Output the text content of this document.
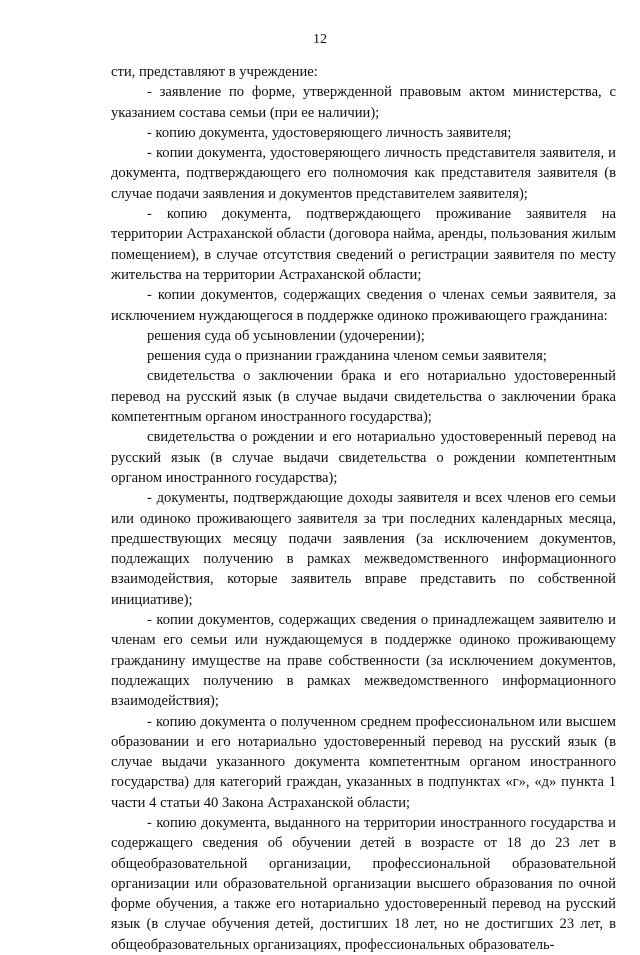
12

сти, представляют в учреждение:

- заявление по форме, утвержденной правовым актом министерства, с указанием состава семьи (при ее наличии);

- копию документа, удостоверяющего личность заявителя;

- копии документа, удостоверяющего личность представителя заявителя, и документа, подтверждающего его полномочия как представителя заявителя (в случае подачи заявления и документов представителем заявителя);

- копию документа, подтверждающего проживание заявителя на территории Астраханской области (договора найма, аренды, пользования жилым помещением), в случае отсутствия сведений о регистрации заявителя по месту жительства на территории Астраханской области;

- копии документов, содержащих сведения о членах семьи заявителя, за исключением нуждающегося в поддержке одиноко проживающего гражданина:

решения суда об усыновлении (удочерении);

решения суда о признании гражданина членом семьи заявителя;

свидетельства о заключении брака и его нотариально удостоверенный перевод на русский язык (в случае выдачи свидетельства о заключении брака компетентным органом иностранного государства);

свидетельства о рождении и его нотариально удостоверенный перевод на русский язык (в случае выдачи свидетельства о рождении компетентным органом иностранного государства);

- документы, подтверждающие доходы заявителя и всех членов его семьи или одиноко проживающего заявителя за три последних календарных месяца, предшествующих месяцу подачи заявления (за исключением документов, подлежащих получению в рамках межведомственного информационного взаимодействия, которые заявитель вправе представить по собственной инициативе);

- копии документов, содержащих сведения о принадлежащем заявителю и членам его семьи или нуждающемуся в поддержке одиноко проживающему гражданину имуществе на праве собственности (за исключением документов, подлежащих получению в рамках межведомственного информационного взаимодействия);

- копию документа о полученном среднем профессиональном или высшем образовании и его нотариально удостоверенный перевод на русский язык (в случае выдачи указанного документа компетентным органом иностранного государства) для категорий граждан, указанных в подпунктах «г», «д» пункта 1 части 4 статьи 40 Закона Астраханской области;

- копию документа, выданного на территории иностранного государства и содержащего сведения об обучении детей в возрасте от 18 до 23 лет в общеобразовательной организации, профессиональной образовательной организации или образовательной организации высшего образования по очной форме обучения, а также его нотариально удостоверенный перевод на русский язык (в случае обучения детей, достигших 18 лет, но не достигших 23 лет, в общеобразовательных организациях, профессиональных образователь-
